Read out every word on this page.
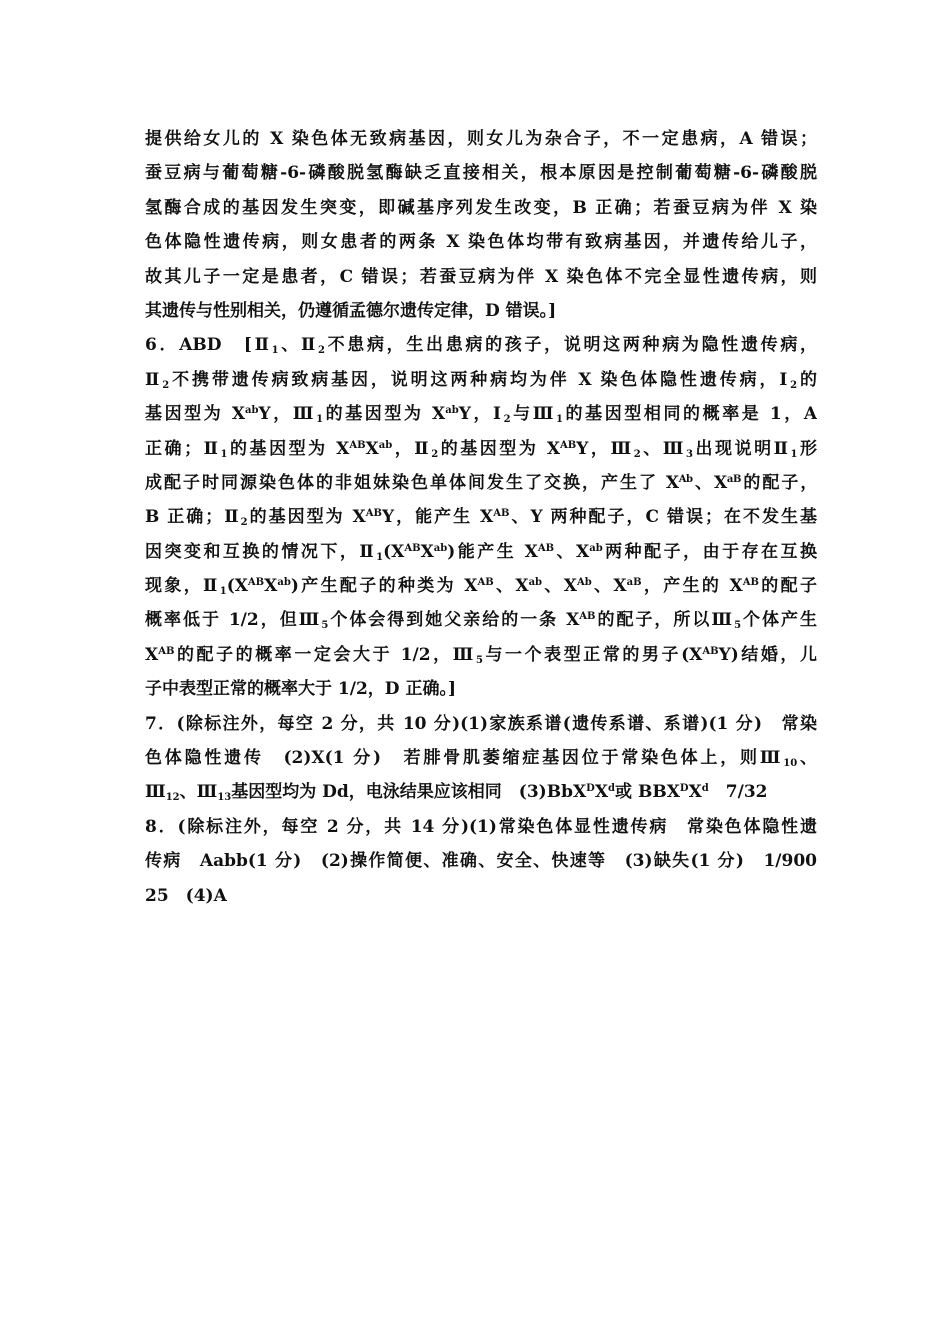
提供给女儿的 X 染色体无致病基因，则女儿为杂合子，不一定患病，A 错误；
蚕豆病与葡萄糖-6-磷酸脱氢酶缺乏直接相关，根本原因是控制葡萄糖-6-磷酸脱
氢酶合成的基因发生突变，即碱基序列发生改变，B 正确；若蚕豆病为伴 X 染
色体隐性遗传病，则女患者的两条 X 染色体均带有致病基因，并遗传给儿子，
故其儿子一定是患者，C 错误；若蚕豆病为伴 X 染色体不完全显性遗传病，则
其遗传与性别相关，仍遵循孟德尔遗传定律，D 错误。]
6．ABD　[$Ⅱ_1$、$Ⅱ_2$不患病，生出患病的孩子，说明这两种病为隐性遗传病，
$Ⅱ_2$不携带遗传病致病基因，说明这两种病均为伴 X 染色体隐性遗传病，$Ⅰ_2$的
基因型为 $X^{ab}Y$，$Ⅲ_1$的基因型为 $X^{ab}Y$，$Ⅰ_2$与$Ⅲ_1$的基因型相同的概率是 1，A
正确；$Ⅱ_1$的基因型为 $X^{AB}X^{ab}$，$Ⅱ_2$的基因型为 $X^{AB}Y$，$Ⅲ_2$、$Ⅲ_3$出现说明$Ⅱ_1$形
成配子时同源染色体的非姐妹染色单体间发生了交换，产生了 $X^{Ab}$、$X^{aB}$的配子，
B 正确；$Ⅱ_2$的基因型为 $X^{AB}Y$，能产生 $X^{AB}$、Y 两种配子，C 错误；在不发生基
因突变和互换的情况下，$Ⅱ_1(X^{AB}X^{ab})$能产生 $X^{AB}$、$X^{ab}$两种配子，由于存在互换
现象，$Ⅱ_1(X^{AB}X^{ab})$产生配子的种类为 $X^{AB}$、$X^{ab}$、$X^{Ab}$、$X^{aB}$，产生的 $X^{AB}$的配子
概率低于 1/2，但$Ⅲ_5$个体会得到她父亲给的一条 $X^{AB}$的配子，所以$Ⅲ_5$个体产生
$X^{AB}$的配子的概率一定会大于 1/2，$Ⅲ_5$与一个表型正常的男子$(X^{AB}Y)$结婚，儿
子中表型正常的概率大于 1/2，D 正确。]
7．(除标注外，每空 2 分，共 10 分)(1)家族系谱(遗传系谱、系谱)(1 分)　常染
色体隐性遗传　(2)X(1 分)　若腓骨肌萎缩症基因位于常染色体上，则$Ⅲ_{10}$、
$Ⅲ_{12}$、$Ⅲ_{13}$基因型均为 Dd，电泳结果应该相同　$(3)BbX^DX^d$或 $BBX^DX^d$　7/32
8．(除标注外，每空 2 分，共 14 分)(1)常染色体显性遗传病　常染色体隐性遗
传病　Aabb(1 分)　(2)操作简便、准确、安全、快速等　(3)缺失(1 分)　1/900
25　(4)A
